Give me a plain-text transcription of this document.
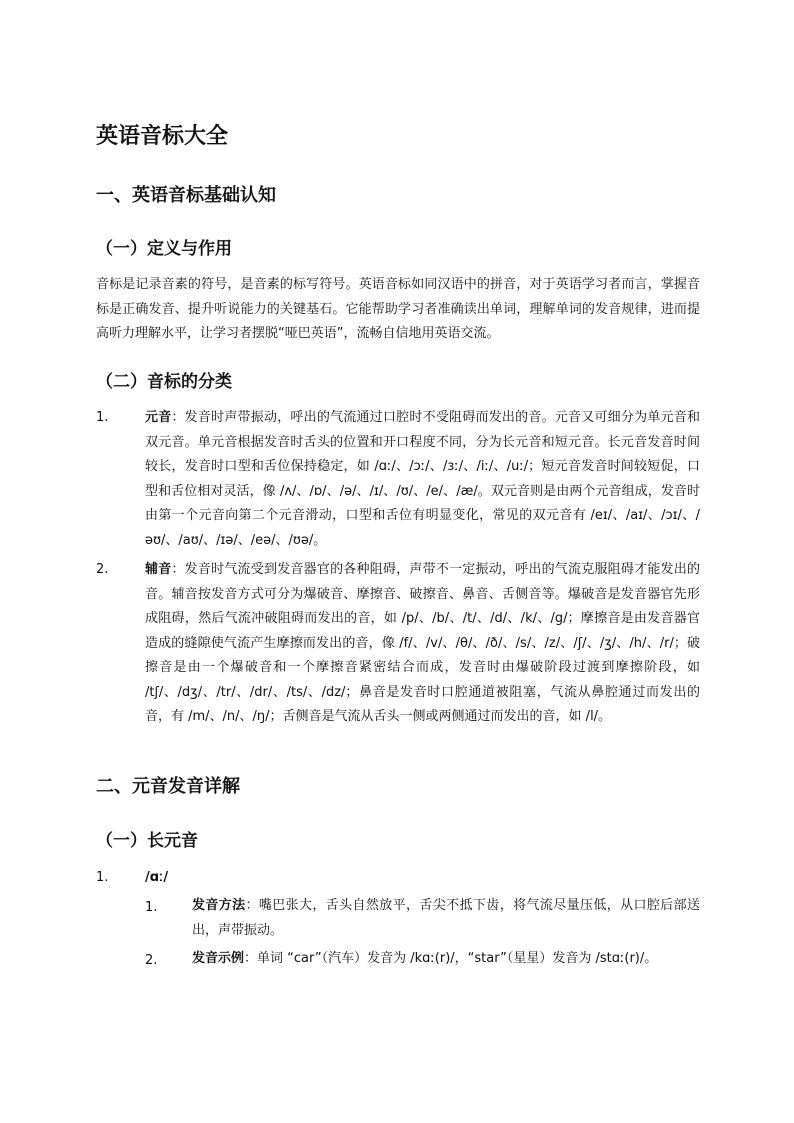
英语音标大全
一、英语音标基础认知
（一）定义与作用

音标是记录音素的符号，是音素的标写符号。英语音标如同汉语中的拼音，对于英语学习者而言，掌握音标是正确发音、提升听说能力的关键基石。它能帮助学习者准确读出单词，理解单词的发音规律，进而提高听力理解水平，让学习者摆脱“哑巴英语”，流畅自信地用英语交流。

（二）音标的分类
1.	元音：发音时声带振动，呼出的气流通过口腔时不受阻碍而发出的音。元音又可细分为单元音和双元音。单元音根据发音时舌头的位置和开口程度不同，分为长元音和短元音。长元音发音时间较长，发音时口型和舌位保持稳定，如 /ɑː/、/ɔː/、/ɜː/、/iː/、/uː/；短元音发音时间较短促，口型和舌位相对灵活，像 /ʌ/、/ɒ/、/ə/、/ɪ/、/ʊ/、/e/、/æ/。双元音则是由两个元音组成，发音时由第一个元音向第二个元音滑动，口型和舌位有明显变化，常见的双元音有 /eɪ/、/aɪ/、/ɔɪ/、/əʊ/、/aʊ/、/ɪə/、/eə/、/ʊə/。

2.	辅音：发音时气流受到发音器官的各种阻碍，声带不一定振动，呼出的气流克服阻碍才能发出的音。辅音按发音方式可分为爆破音、摩擦音、破擦音、鼻音、舌侧音等。爆破音是发音器官先形成阻碍，然后气流冲破阻碍而发出的音，如 /p/、/b/、/t/、/d/、/k/、/g/；摩擦音是由发音器官造成的缝隙使气流产生摩擦而发出的音，像 /f/、/v/、/θ/、/ð/、/s/、/z/、/ʃ/、/ʒ/、/h/、/r/；破擦音是由一个爆破音和一个摩擦音紧密结合而成，发音时由爆破阶段过渡到摩擦阶段，如 /tʃ/、/dʒ/、/tr/、/dr/、/ts/、/dz/；鼻音是发音时口腔通道被阻塞，气流从鼻腔通过而发出的音，有 /m/、/n/、/ŋ/；舌侧音是气流从舌头一侧或两侧通过而发出的音，如 /l/。

二、元音发音详解
（一）长元音
1.	/ɑː/
1.	发音方法：嘴巴张大，舌头自然放平，舌尖不抵下齿，将气流尽量压低，从口腔后部送出，声带振动。

2.	发音示例：单词 “car”（汽车）发音为 /kɑː(r)/，“star”（星星）发音为 /stɑː(r)/。
